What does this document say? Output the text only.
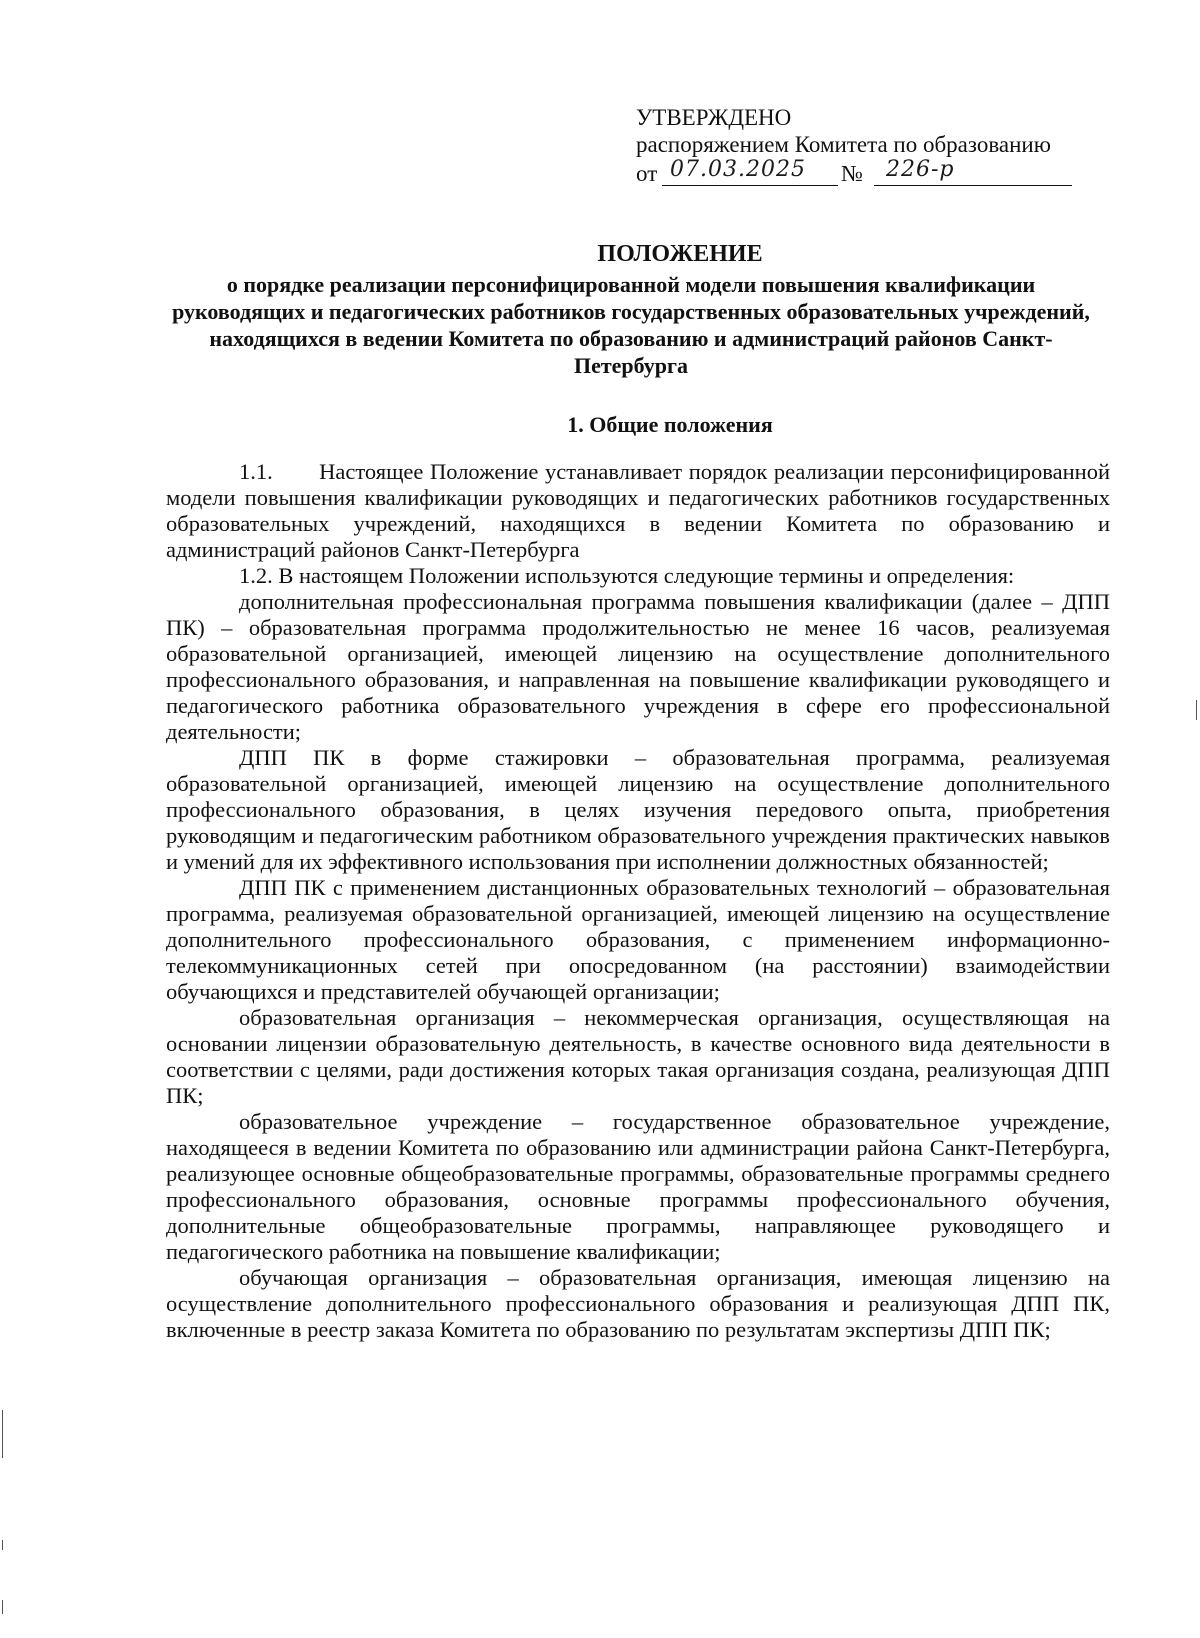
УТВЕРЖДЕНО
распоряжением Комитета по образованию
от 07.03.2025 № 226-р
ПОЛОЖЕНИЕ
о порядке реализации персонифицированной модели повышения квалификации руководящих и педагогических работников государственных образовательных учреждений, находящихся в ведении Комитета по образованию и администраций районов Санкт-Петербурга
1. Общие положения

1.1.       Настоящее Положение устанавливает порядок реализации персонифицированной модели повышения квалификации руководящих и педагогических работников государственных образовательных учреждений, находящихся в ведении Комитета по образованию и администраций районов Санкт-Петербурга

1.2. В настоящем Положении используются следующие термины и определения:

дополнительная профессиональная программа повышения квалификации (далее – ДПП ПК) – образовательная программа продолжительностью не менее 16 часов, реализуемая образовательной организацией, имеющей лицензию на осуществление дополнительного профессионального образования, и направленная на повышение квалификации руководящего и педагогического работника образовательного учреждения в сфере его профессиональной деятельности;

ДПП ПК в форме стажировки – образовательная программа, реализуемая образовательной организацией, имеющей лицензию на осуществление дополнительного профессионального образования, в целях изучения передового опыта, приобретения руководящим и педагогическим работником образовательного учреждения практических навыков и умений для их эффективного использования при исполнении должностных обязанностей;

ДПП ПК с применением дистанционных образовательных технологий – образовательная программа, реализуемая образовательной организацией, имеющей лицензию на осуществление дополнительного профессионального образования, с применением информационно-телекоммуникационных сетей при опосредованном (на расстоянии) взаимодействии обучающихся и представителей обучающей организации;

образовательная организация – некоммерческая организация, осуществляющая на основании лицензии образовательную деятельность, в качестве основного вида деятельности в соответствии с целями, ради достижения которых такая организация создана, реализующая ДПП ПК;

образовательное учреждение – государственное образовательное учреждение, находящееся в ведении Комитета по образованию или администрации района Санкт-Петербурга, реализующее основные общеобразовательные программы, образовательные программы среднего профессионального образования, основные программы профессионального обучения, дополнительные общеобразовательные программы, направляющее руководящего и педагогического работника на повышение квалификации;

обучающая организация – образовательная организация, имеющая лицензию на осуществление дополнительного профессионального образования и реализующая ДПП ПК, включенные в реестр заказа Комитета по образованию по результатам экспертизы ДПП ПК;
